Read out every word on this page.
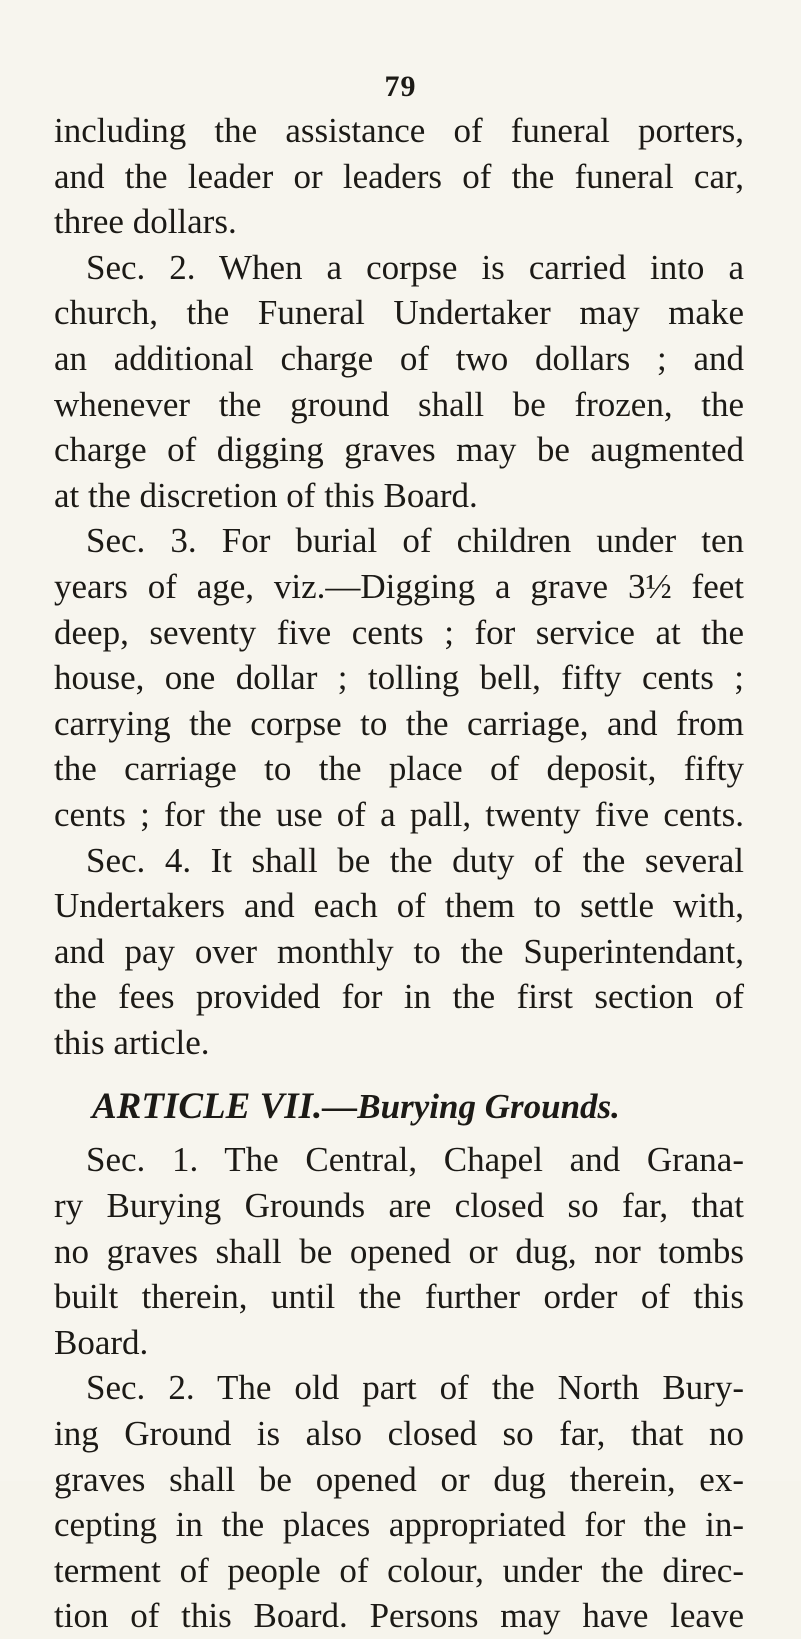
79
including the assistance of funeral porters,
and the leader or leaders of the funeral car,
three dollars.
Sec. 2. When a corpse is carried into a
church, the Funeral Undertaker may make
an additional charge of two dollars ; and
whenever the ground shall be frozen, the
charge of digging graves may be augmented
at the discretion of this Board.
Sec. 3. For burial of children under ten
years of age, viz.—Digging a grave 3½ feet
deep, seventy five cents ; for service at the
house, one dollar ; tolling bell, fifty cents ;
carrying the corpse to the carriage, and from
the carriage to the place of deposit, fifty
cents ; for the use of a pall, twenty five cents.
Sec. 4. It shall be the duty of the several
Undertakers and each of them to settle with,
and pay over monthly to the Superintendant,
the fees provided for in the first section of
this article.
ARTICLE VII.—Burying Grounds.
Sec. 1. The Central, Chapel and Grana-
ry Burying Grounds are closed so far, that
no graves shall be opened or dug, nor tombs
built therein, until the further order of this
Board.
Sec. 2. The old part of the North Bury-
ing Ground is also closed so far, that no
graves shall be opened or dug therein, ex-
cepting in the places appropriated for the in-
terment of people of colour, under the direc-
tion of this Board. Persons may have leave
